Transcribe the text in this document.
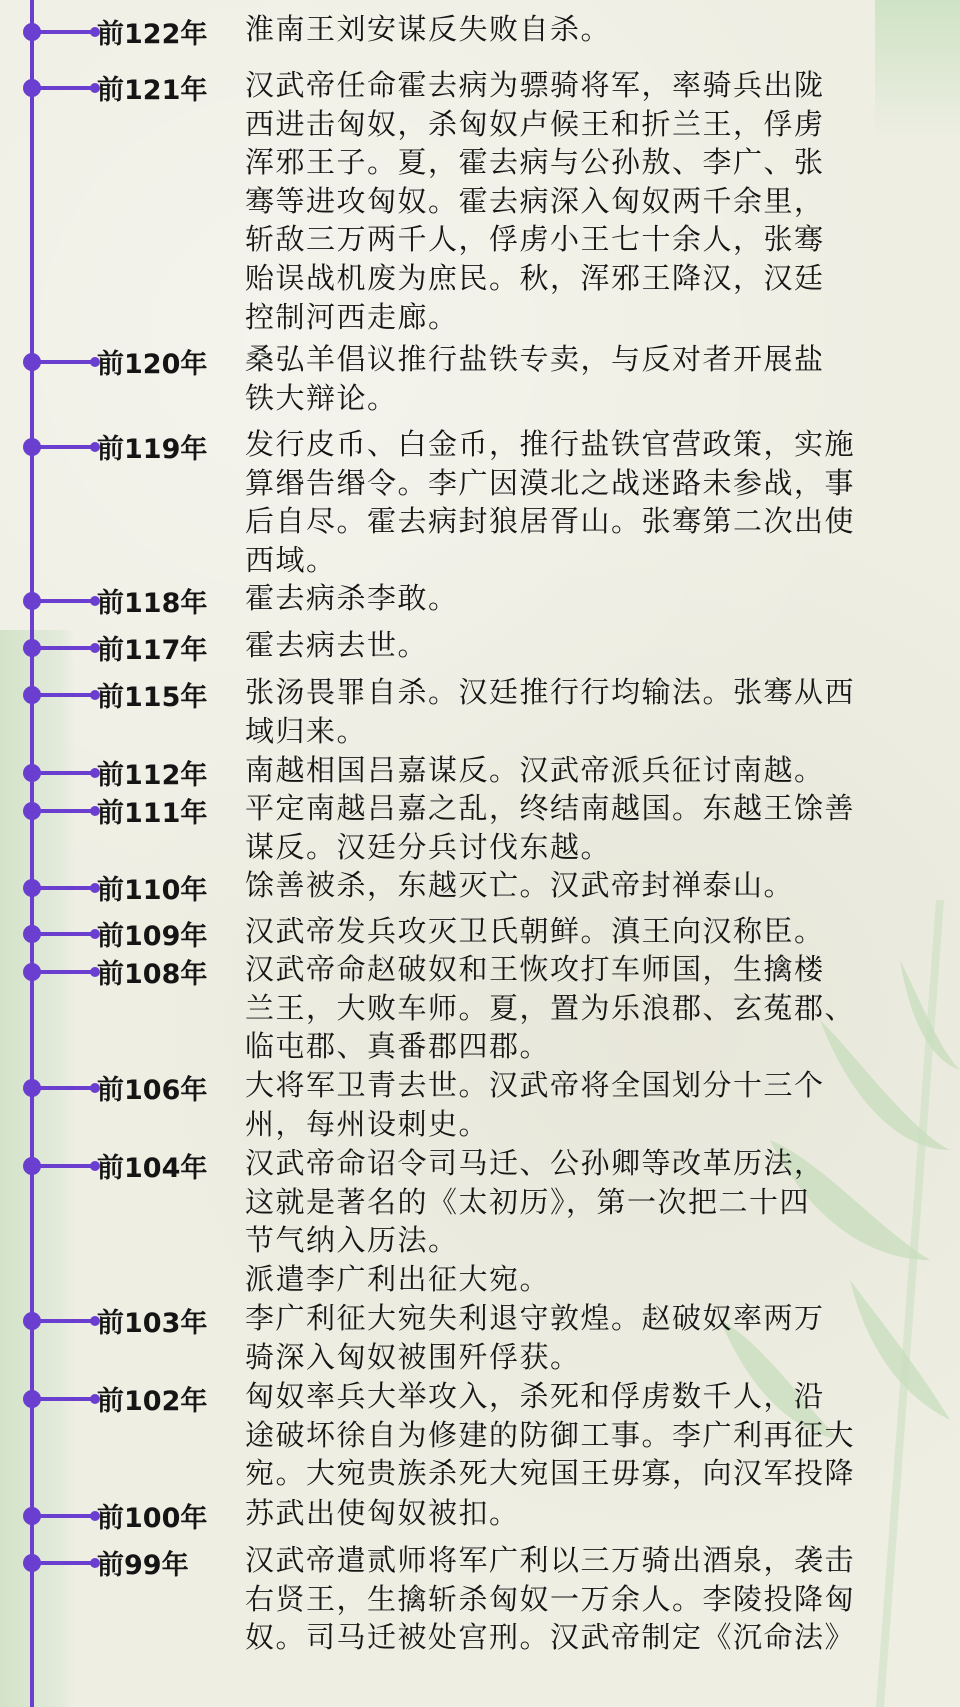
前122年 淮南王刘安谋反失败自杀。
前121年 汉武帝任命霍去病为骠骑将军，率骑兵出陇
西进击匈奴，杀匈奴卢候王和折兰王，俘虏
浑邪王子。夏，霍去病与公孙敖、李广、张
骞等进攻匈奴。霍去病深入匈奴两千余里，
斩敌三万两千人，俘虏小王七十余人，张骞
贻误战机废为庶民。秋，浑邪王降汉，汉廷
控制河西走廊。
前120年 桑弘羊倡议推行盐铁专卖，与反对者开展盐
铁大辩论。
前119年 发行皮币、白金币，推行盐铁官营政策，实施
算缗告缗令。李广因漠北之战迷路未参战，事
后自尽。霍去病封狼居胥山。张骞第二次出使
西域。
前118年 霍去病杀李敢。
前117年 霍去病去世。
前115年 张汤畏罪自杀。汉廷推行行均输法。张骞从西
域归来。
前112年 南越相国吕嘉谋反。汉武帝派兵征讨南越。
前111年 平定南越吕嘉之乱，终结南越国。东越王馀善
谋反。汉廷分兵讨伐东越。
前110年 馀善被杀，东越灭亡。汉武帝封禅泰山。
前109年 汉武帝发兵攻灭卫氏朝鲜。滇王向汉称臣。
前108年 汉武帝命赵破奴和王恢攻打车师国，生擒楼
兰王，大败车师。夏，置为乐浪郡、玄菟郡、
临屯郡、真番郡四郡。
前106年 大将军卫青去世。汉武帝将全国划分十三个
州，每州设刺史。
前104年 汉武帝命诏令司马迁、公孙卿等改革历法，
这就是著名的《太初历》，第一次把二十四
节气纳入历法。
派遣李广利出征大宛。
前103年 李广利征大宛失利退守敦煌。赵破奴率两万
骑深入匈奴被围歼俘获。
前102年 匈奴率兵大举攻入，杀死和俘虏数千人，沿
途破坏徐自为修建的防御工事。李广利再征大
宛。大宛贵族杀死大宛国王毋寡，向汉军投降
前100年 苏武出使匈奴被扣。
前99年 汉武帝遣贰师将军广利以三万骑出酒泉，袭击
右贤王，生擒斩杀匈奴一万余人。李陵投降匈
奴。司马迁被处宫刑。汉武帝制定《沉命法》
